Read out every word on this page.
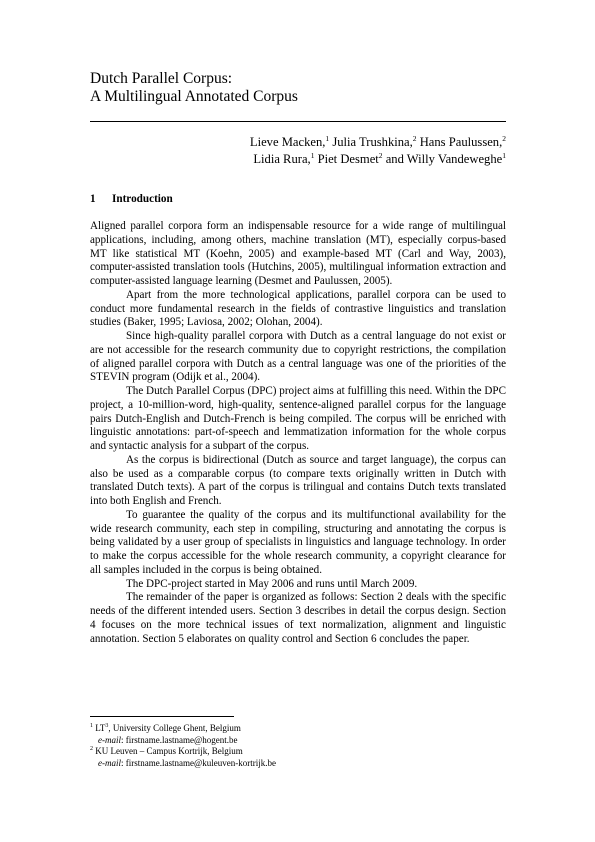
Dutch Parallel Corpus:
A Multilingual Annotated Corpus
Lieve Macken,$^1$ Julia Trushkina,$^2$ Hans Paulussen,$^2$
Lidia Rura,$^1$ Piet Desmet$^2$ and Willy Vandeweghe$^1$
1 Introduction

Aligned parallel corpora form an indispensable resource for a wide range of multilingual applications, including, among others, machine translation (MT), especially corpus-based MT like statistical MT (Koehn, 2005) and example-based MT (Carl and Way, 2003), computer-assisted translation tools (Hutchins, 2005), multilingual information extraction and computer-assisted language learning (Desmet and Paulussen, 2005).

Apart from the more technological applications, parallel corpora can be used to conduct more fundamental research in the fields of contrastive linguistics and translation studies (Baker, 1995; Laviosa, 2002; Olohan, 2004).

Since high-quality parallel corpora with Dutch as a central language do not exist or are not accessible for the research community due to copyright restrictions, the compilation of aligned parallel corpora with Dutch as a central language was one of the priorities of the STEVIN program (Odijk et al., 2004).

The Dutch Parallel Corpus (DPC) project aims at fulfilling this need. Within the DPC project, a 10-million-word, high-quality, sentence-aligned parallel corpus for the language pairs Dutch-English and Dutch-French is being compiled. The corpus will be enriched with linguistic annotations: part-of-speech and lemmatization information for the whole corpus and syntactic analysis for a subpart of the corpus.

As the corpus is bidirectional (Dutch as source and target language), the corpus can also be used as a comparable corpus (to compare texts originally written in Dutch with translated Dutch texts). A part of the corpus is trilingual and contains Dutch texts translated into both English and French.

To guarantee the quality of the corpus and its multifunctional availability for the wide research community, each step in compiling, structuring and annotating the corpus is being validated by a user group of specialists in linguistics and language technology. In order to make the corpus accessible for the whole research community, a copyright clearance for all samples included in the corpus is being obtained.

The DPC-project started in May 2006 and runs until March 2009.

The remainder of the paper is organized as follows: Section 2 deals with the specific needs of the different intended users. Section 3 describes in detail the corpus design. Section 4 focuses on the more technical issues of text normalization, alignment and linguistic annotation. Section 5 elaborates on quality control and Section 6 concludes the paper.

$^1$ $LT^3$, University College Ghent, Belgium
e-mail: firstname.lastname@hogent.be
$^2$ KU Leuven – Campus Kortrijk, Belgium
e-mail: firstname.lastname@kuleuven-kortrijk.be
